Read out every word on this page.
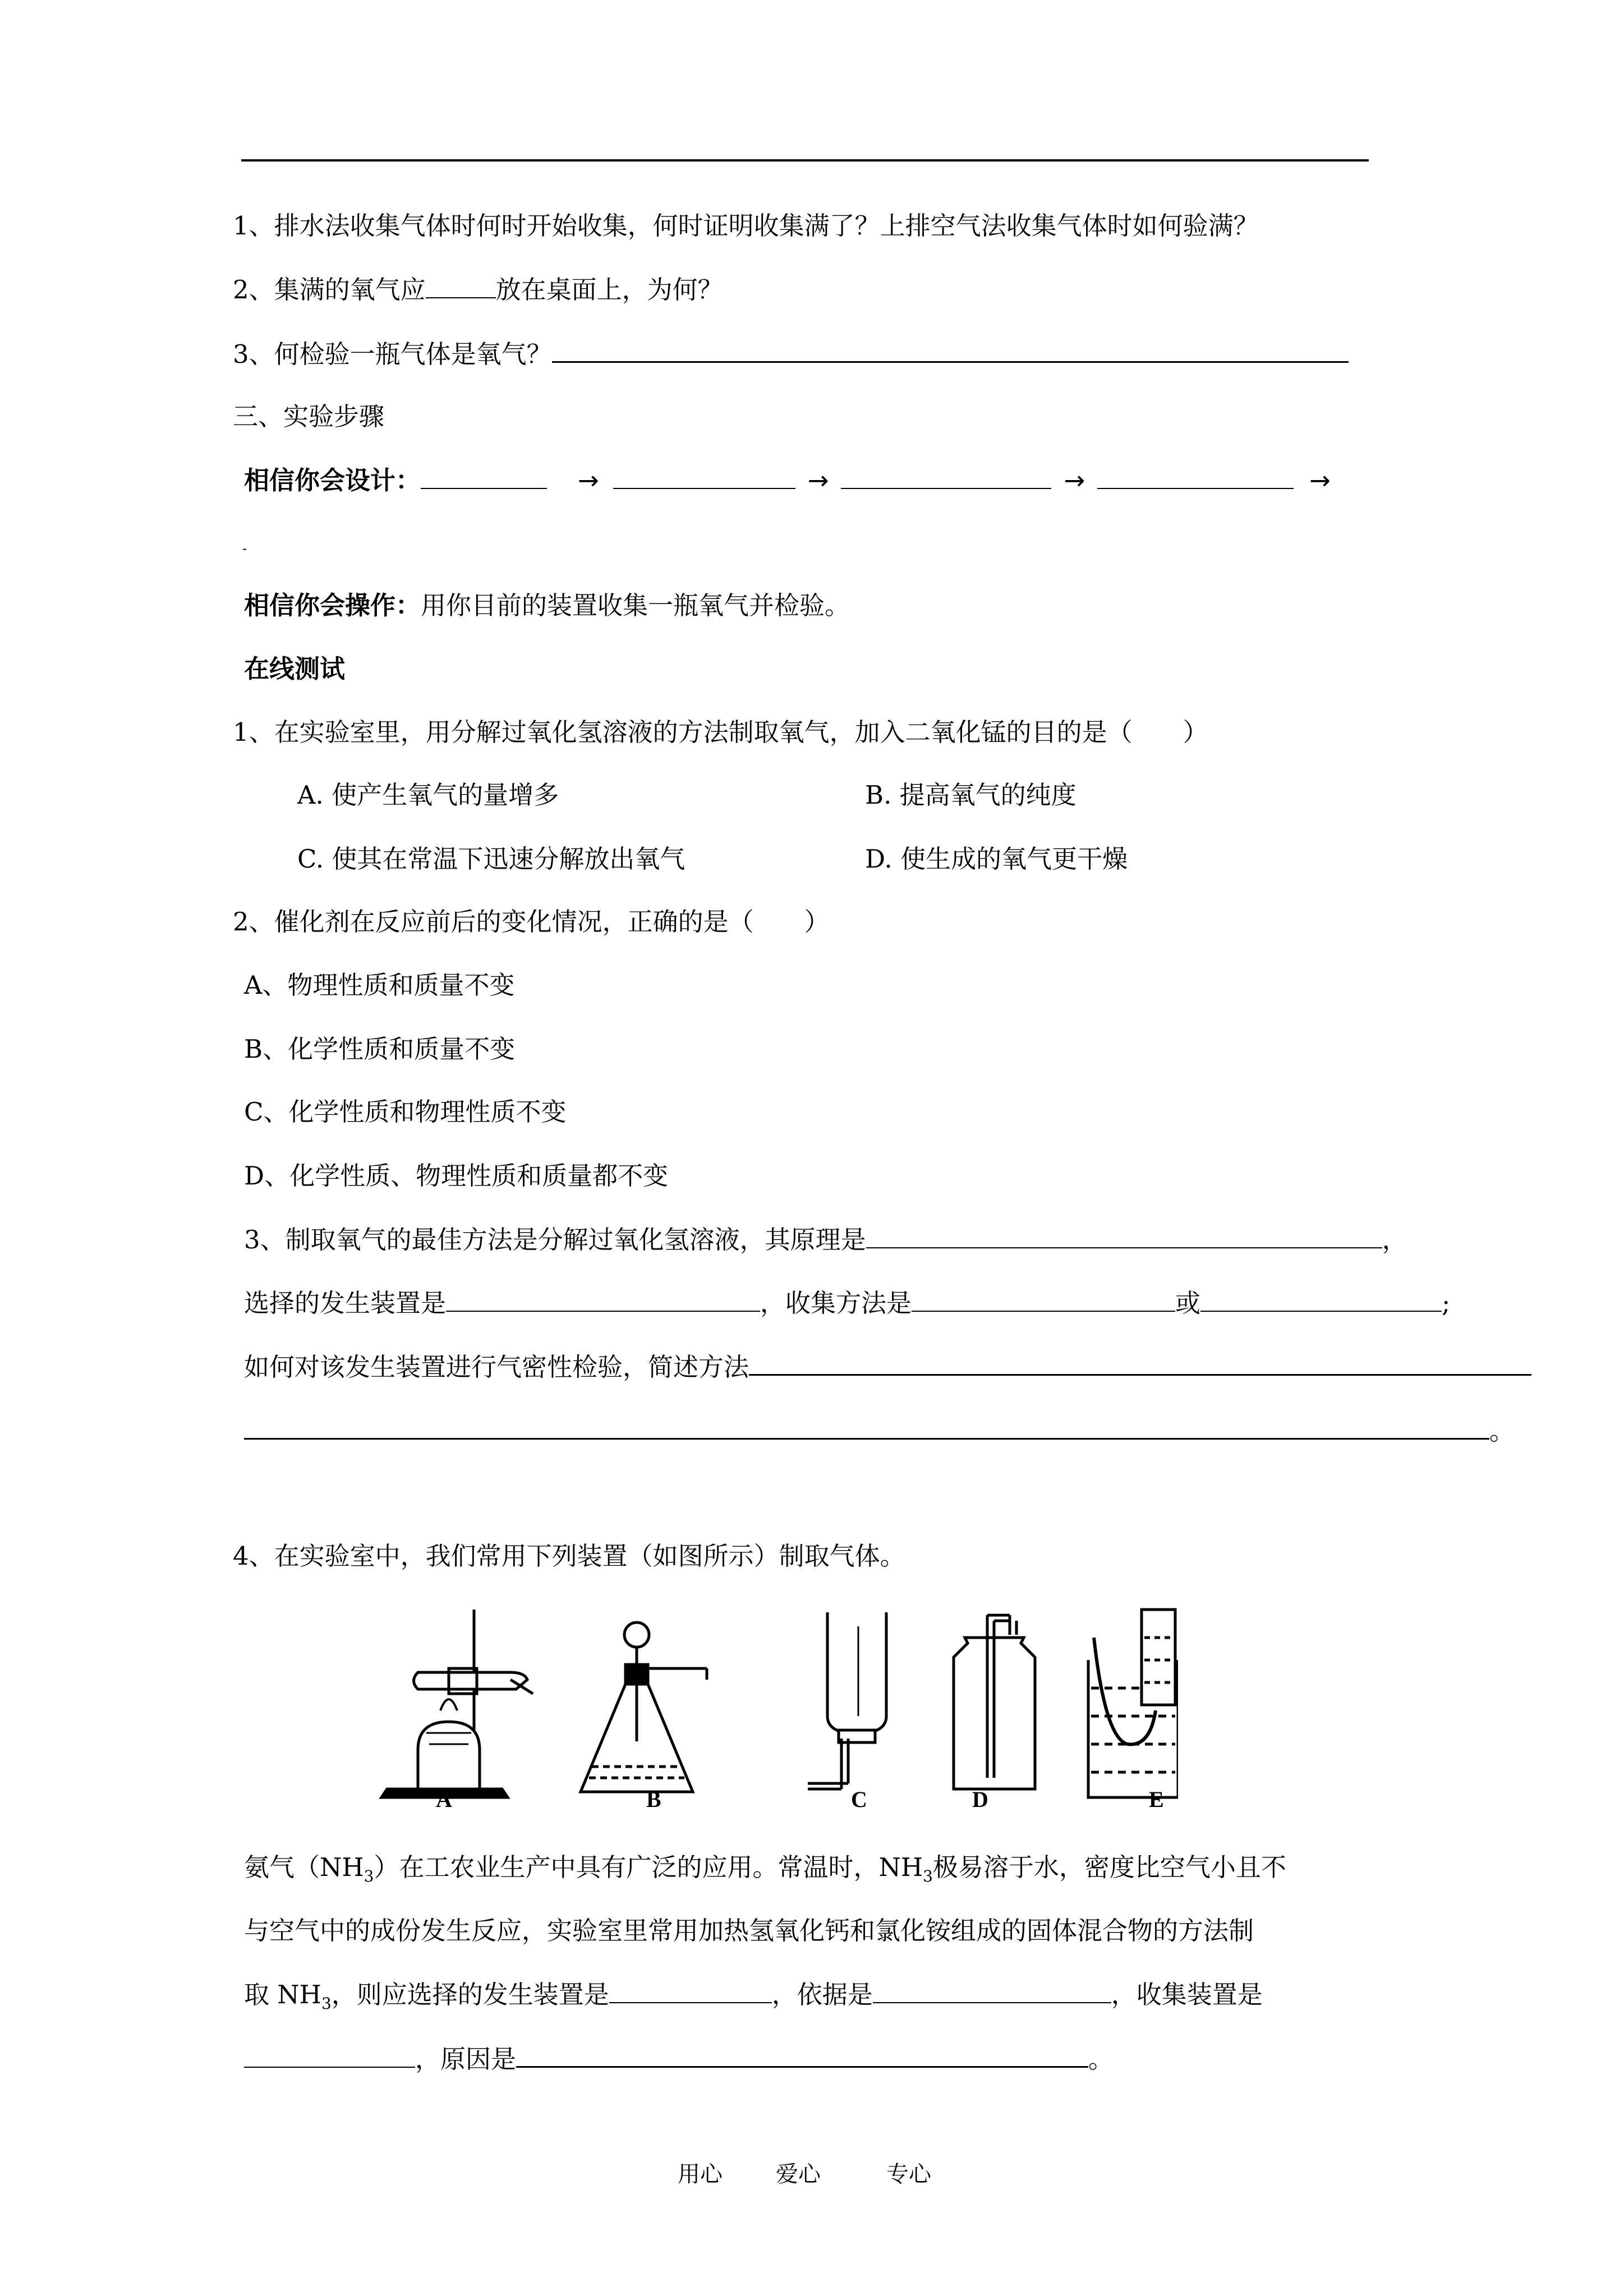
1、排水法收集气体时何时开始收集，何时证明收集满了？上排空气法收集气体时如何验满？
2、集满的氧气应	放在桌面上，为何？
3、何检验一瓶气体是氧气？
三、实验步骤
相信你会设计：	→	→	→	→
-
相信你会操作：用你目前的装置收集一瓶氧气并检验。
在线测试
1、在实验室里，用分解过氧化氢溶液的方法制取氧气，加入二氧化锰的目的是（　　）
A. 使产生氧气的量增多	B. 提高氧气的纯度
C. 使其在常温下迅速分解放出氧气	D. 使生成的氧气更干燥
2、催化剂在反应前后的变化情况，正确的是（　　）
A、物理性质和质量不变
B、化学性质和质量不变
C、化学性质和物理性质不变
D、化学性质、物理性质和质量都不变
3、制取氧气的最佳方法是分解过氧化氢溶液，其原理是	，
选择的发生装置是	，收集方法是	或	;
如何对该发生装置进行气密性检验，简述方法
。
4、在实验室中，我们常用下列装置（如图所示）制取气体。
A	B	C	D	E
氨气$(NH_3)$在工农业生产中具有广泛的应用。常温时，$NH_3$极易溶于水，密度比空气小且不
与空气中的成份发生反应，实验室里常用加热氢氧化钙和氯化铵组成的固体混合物的方法制
取 $NH_3$，则应选择的发生装置是	，依据是	，收集装置是
，原因是	。
用心 爱心	专心
